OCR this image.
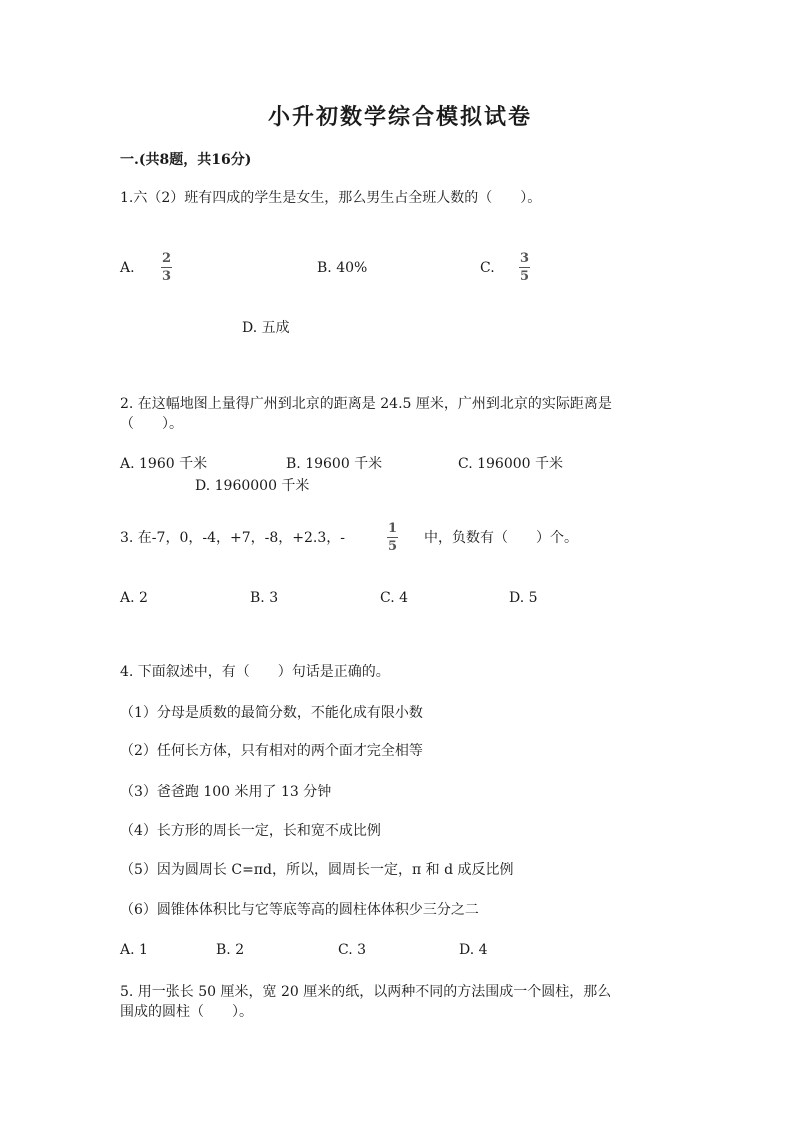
小升初数学综合模拟试卷
一.(共8题，共16分)
1.六（2）班有四成的学生是女生，那么男生占全班人数的（　　）。
A.
2
3
B. 40%	C.
3
5
D. 五成
2. 在这幅地图上量得广州到北京的距离是 24.5 厘米，广州到北京的实际距离是
（　　）。
A. 1960 千米	B. 19600 千米	C. 196000 千米
D. 1960000 千米
3. 在-7，0，-4，+7，-8，+2.3，-
1
5
中，负数有（　　）个。
A. 2	B. 3	C. 4	D. 5
4. 下面叙述中，有（　　）句话是正确的。
（1）分母是质数的最简分数，不能化成有限小数
（2）任何长方体，只有相对的两个面才完全相等
（3）爸爸跑 100 米用了 13 分钟
（4）长方形的周长一定，长和宽不成比例
（5）因为圆周长 C=πd，所以，圆周长一定，π 和 d 成反比例
（6）圆锥体体积比与它等底等高的圆柱体体积少三分之二
A. 1	B. 2	C. 3	D. 4
5. 用一张长 50 厘米，宽 20 厘米的纸，以两种不同的方法围成一个圆柱，那么
围成的圆柱（　　）。
